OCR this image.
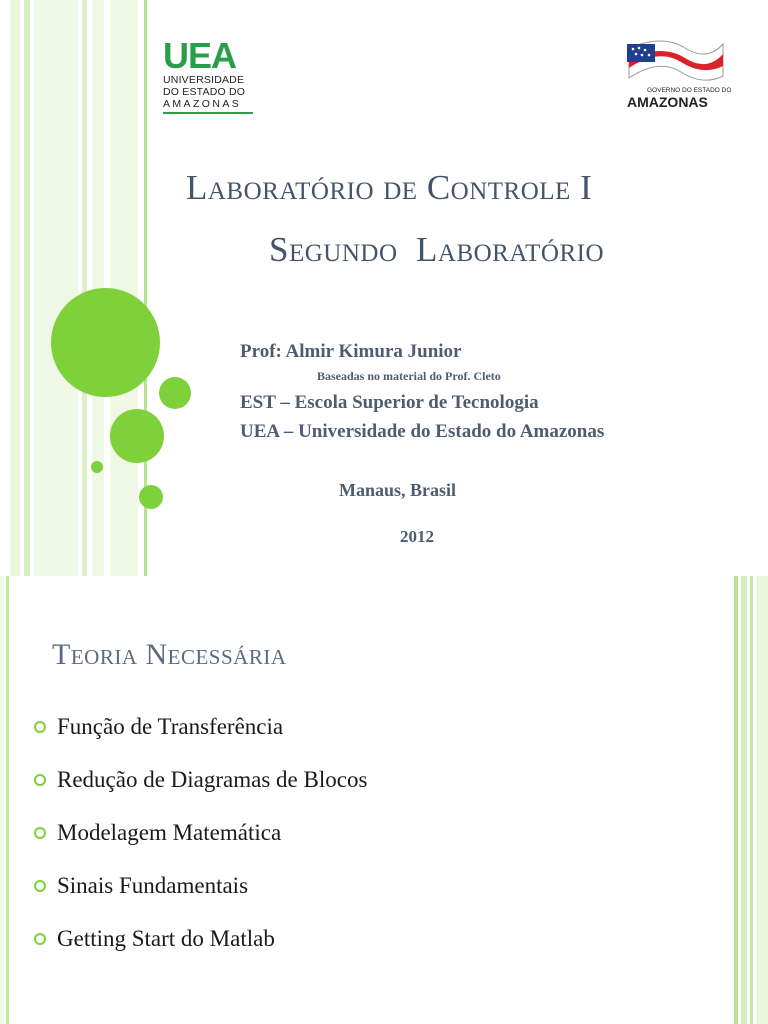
UEA
UNIVERSIDADE
DO ESTADO DO
AMAZONAS
GOVERNO DO ESTADO DO
AMAZONAS
Laboratório de Controle I
Segundo  Laboratório
Prof: Almir Kimura Junior
Baseadas no material do Prof. Cleto
EST – Escola Superior de Tecnologia
UEA – Universidade do Estado do Amazonas
Manaus, Brasil
2012
Teoria Necessária
Função de Transferência
Redução de Diagramas de Blocos
Modelagem Matemática
Sinais Fundamentais
Getting Start do Matlab
